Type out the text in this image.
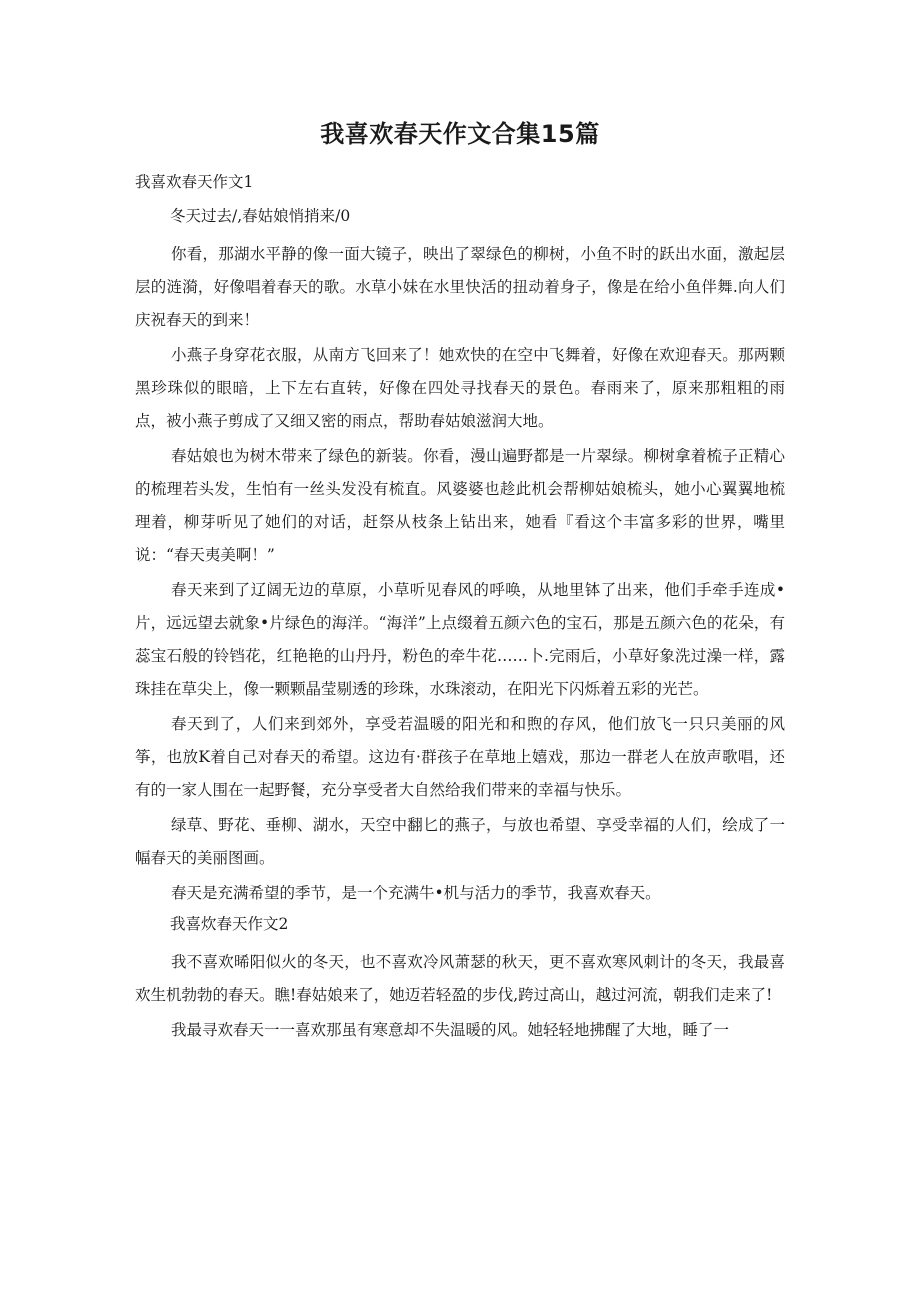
我喜欢春天作文合集15篇

我喜欢春天作文1

冬天过去/,春姑娘悄捎来/0

你看，那湖水平静的像一面大镜子，映出了翠绿色的柳树，小鱼不时的跃出水面，激起层层的涟漪，好像唱着春天的歌。水草小妹在水里快活的扭动着身子，像是在给小鱼伴舞.向人们庆祝春天的到来！

小燕子身穿花衣服，从南方飞回来了！她欢快的在空中飞舞着，好像在欢迎春天。那两颗黑珍珠似的眼暗，上下左右直转，好像在四处寻找春天的景色。春雨来了，原来那粗粗的雨点，被小燕子剪成了又细又密的雨点，帮助春姑娘滋润大地。

春姑娘也为树木带来了绿色的新装。你看，漫山遍野都是一片翠绿。柳树拿着梳子正精心的梳理若头发，生怕有一丝头发没有梳直。风婆婆也趁此机会帮柳姑娘梳头，她小心翼翼地梳理着，柳芽听见了她们的对话，赶祭从枝条上钻出来，她看『看这个丰富多彩的世界，嘴里说：“春天夷美啊！”

春天来到了辽阔无边的草原，小草听见春风的呼唤，从地里钵了出来，他们手牵手连成•片，远远望去就象•片绿色的海洋。“海洋”上点缀着五颜六色的宝石，那是五颜六色的花朵，有蕊宝石般的铃铛花，红艳艳的山丹丹，粉色的牵牛花……卜.完雨后，小草好象洗过澡一样，露珠挂在草尖上，像一颗颗晶莹剔透的珍珠，水珠滚动，在阳光下闪烁着五彩的光芒。

春天到了，人们来到郊外，享受若温暖的阳光和和煦的存风，他们放飞一只只美丽的风筝，也放K着自己对春天的希望。这边有·群孩子在草地上嬉戏，那边一群老人在放声歌唱，还有的一家人围在一起野餐，充分享受者大自然给我们带来的幸福与快乐。

绿草、野花、垂柳、湖水，天空中翻匕的燕子，与放也希望、享受幸福的人们，绘成了一幅春天的美丽图画。

春天是充满希望的季节，是一个充满牛•机与活力的季节，我喜欢春天。

我喜炊春天作文2

我不喜欢晞阳似火的冬天，也不喜欢冷风萧瑟的秋天，更不喜欢寒风刺计的冬天，我最喜欢生机勃勃的春天。瞧!春姑娘来了，她迈若轻盈的步伐,跨过高山，越过河流，朝我们走来了!

我最寻欢春天一一喜欢那虽有寒意却不失温暖的风。她轻轻地拂醒了大地，睡了一
